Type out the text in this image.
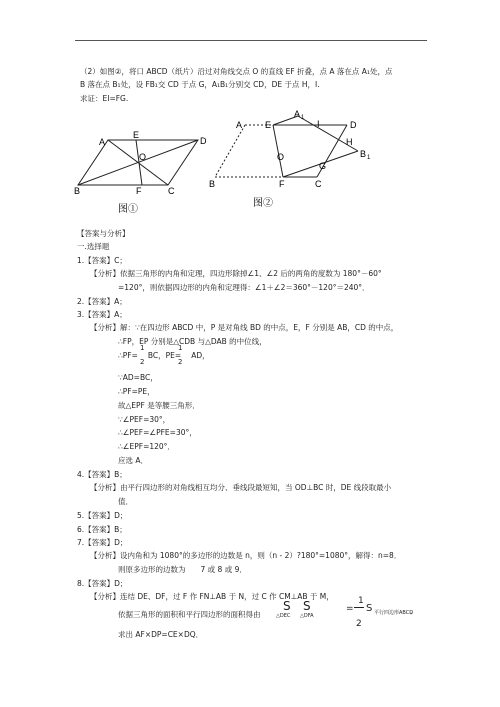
（2）如图②，将口 ABCD（纸片）沿过对角线交点 O 的直线 EF 折叠，点 A 落在点 A₁处，点
B 落在点 B₁处，设 FB₁交 CD 于点 G，A₁B₁分别交 CD，DE 于点 H，I.
求证：EI=FG.
A
E
D
O
B	F	C
图①
A	E
A 1
I	D
O
H
B 1
B	F
G
C
图②
【答案与分析】
一.选择题
1.【答案】C；
【分析】依据三角形的内角和定理，四边形除掉∠1、∠2 后的两角的度数为 180°－60°
=120°，则依据四边形的内角和定理得：∠1＋∠2＝360°－120°＝240°．
2.【答案】A；
3.【答案】A；
【分析】解：∵在四边形 ABCD 中，P 是对角线 BD 的中点，E，F 分别是 AB，CD 的中点，
∴FP，EP 分别是△CDB 与△DAB 的中位线，
∴PF= BC，PE= AD，
1
2
1
2
∵AD=BC，
∴PF=PE，
故△EPF 是等腰三角形．
∵∠PEF=30°，
∴∠PEF=∠PFE=30°，
∴∠EPF=120°．
应选 A．
4.【答案】B；
【分析】由平行四边形的对角线相互均分、垂线段最短知，当 OD⊥BC 时，DE 线段取最小
值．
5.【答案】D；
6.【答案】B；
7.【答案】D；
【分析】设内角和为 1080°的多边形的边数是 n，则（n - 2）?180°=1080°，解得：n=8．
则原多边形的边数为　　7 或 8 或 9．
8.【答案】D；
【分析】连结 DE、DF，过 F 作 FN⊥AB 于 N，过 C 作 CM⊥AB 于 M，
依据三角形的面积和平行四边形的面积得由
S
△DEC
S
△DFA
=
1
2
S 平行四边形ABCD
，
求出 AF×DP=CE×DQ．
